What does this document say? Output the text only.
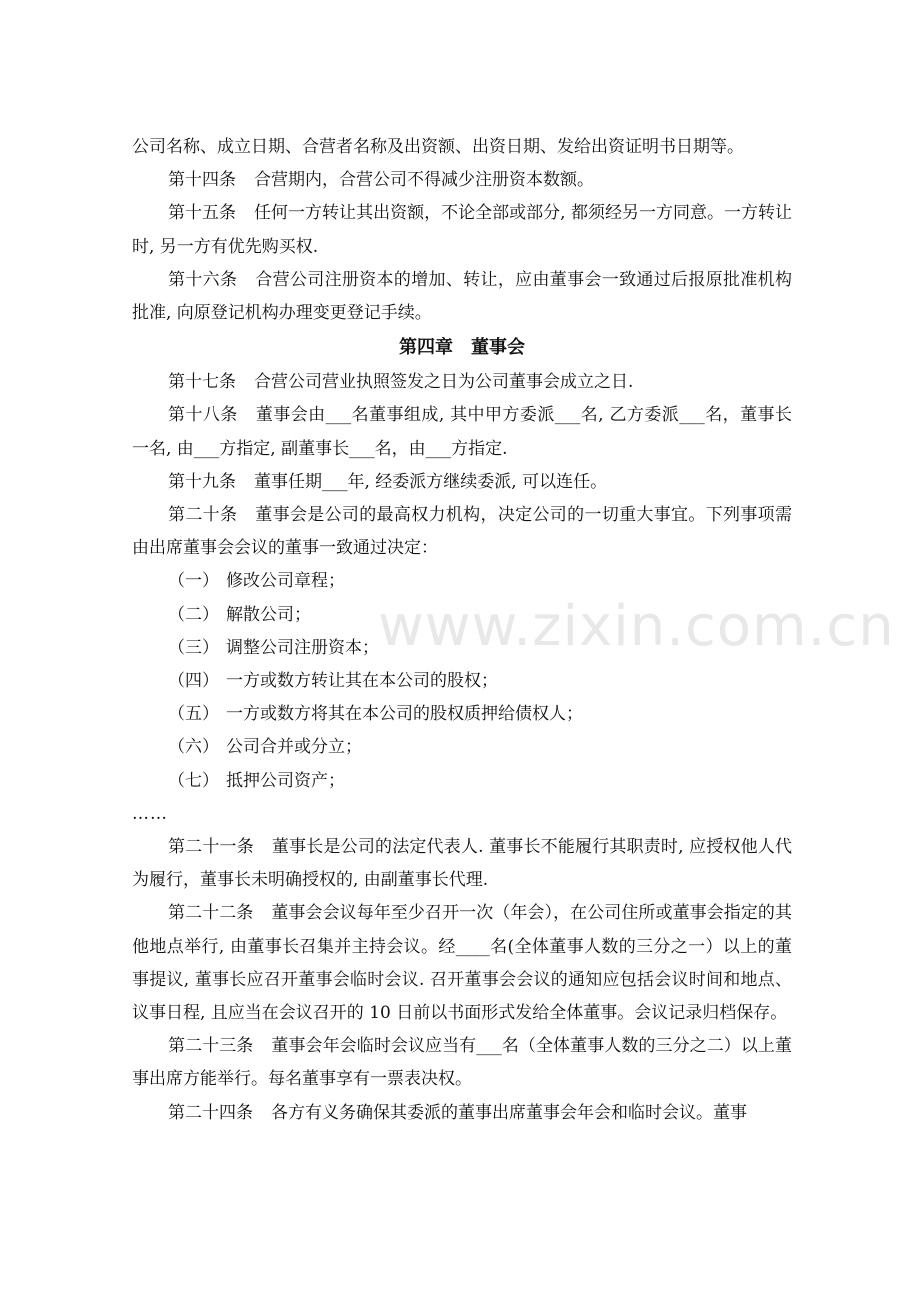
www.zixin.com.cn

公司名称、成立日期、合营者名称及出资额、出资日期、发给出资证明书日期等。

第十四条 合营期内，合营公司不得减少注册资本数额。

第十五条 任何一方转让其出资额，不论全部或部分, 都须经另一方同意。一方转让时, 另一方有优先购买权.

第十六条 合营公司注册资本的增加、转让，应由董事会一致通过后报原批准机构批准, 向原登记机构办理变更登记手续。

第四章　董事会

第十七条 合营公司营业执照签发之日为公司董事会成立之日.

第十八条 董事会由___名董事组成, 其中甲方委派___名, 乙方委派___名，董事长一名, 由___方指定, 副董事长___名，由___方指定.

第十九条 董事任期___年, 经委派方继续委派, 可以连任。

第二十条 董事会是公司的最高权力机构，决定公司的一切重大事宜。下列事项需由出席董事会会议的董事一致通过决定：

（一） 修改公司章程；

（二） 解散公司；

（三） 调整公司注册资本；

（四） 一方或数方转让其在本公司的股权；

（五） 一方或数方将其在本公司的股权质押给债权人；

（六） 公司合并或分立；

（七） 抵押公司资产；

……

第二十一条 董事长是公司的法定代表人. 董事长不能履行其职责时, 应授权他人代为履行，董事长未明确授权的, 由副董事长代理.

第二十二条 董事会会议每年至少召开一次（年会），在公司住所或董事会指定的其他地点举行, 由董事长召集并主持会议。经____名(全体董事人数的三分之一）以上的董事提议, 董事长应召开董事会临时会议. 召开董事会会议的通知应包括会议时间和地点、议事日程, 且应当在会议召开的 10 日前以书面形式发给全体董事。会议记录归档保存。

第二十三条 董事会年会临时会议应当有___名（全体董事人数的三分之二）以上董事出席方能举行。每名董事享有一票表决权。

第二十四条 各方有义务确保其委派的董事出席董事会年会和临时会议。董事
